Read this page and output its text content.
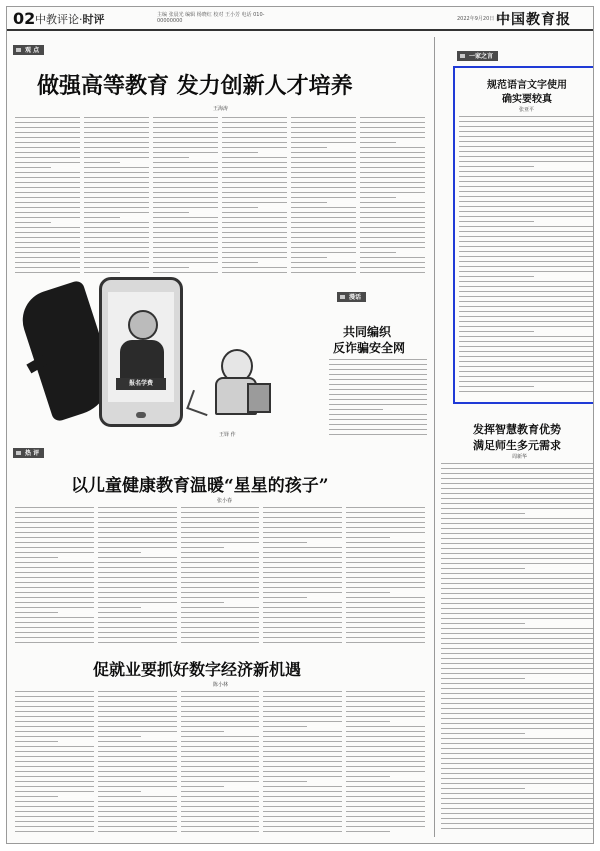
02 中教评论·时评	主编 张晨光 编辑 杨晓红 校对 王小芳 电话 010-00000000	2022年9月20日 星期二
中国教育报
观 点
做强高等教育 发力创新人才培养
王海涛
一家之言
规范语言文字使用
确实要较真
张亚平
报名学费
王铎 作
漫话
共同编织
反诈骗安全网
热 评
以儿童健康教育温暖“星星的孩子”
张小春
发挥智慧教育优势
满足师生多元需求
周新华
促就业要抓好数字经济新机遇
陈小林
